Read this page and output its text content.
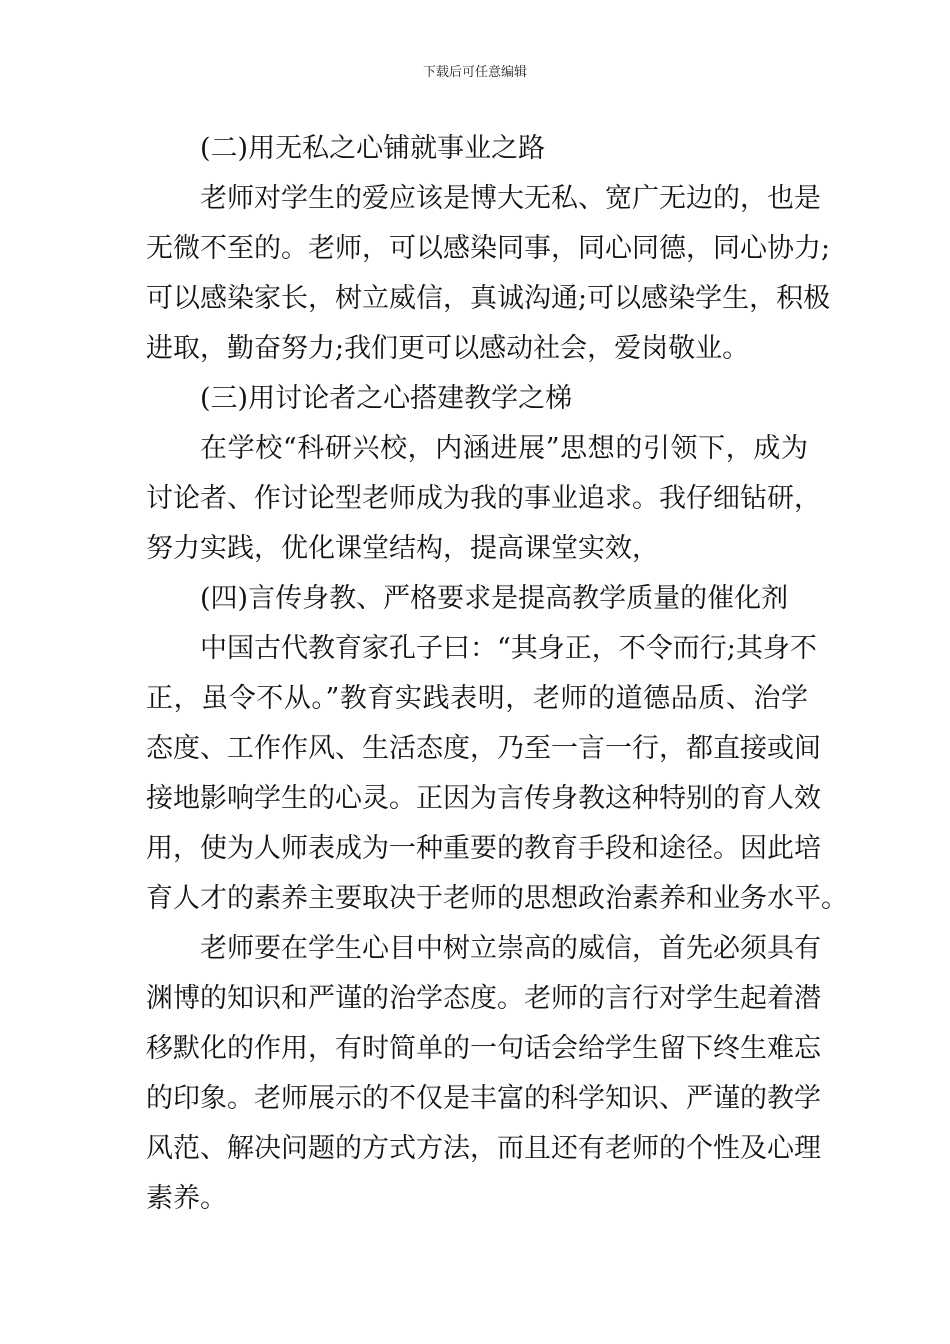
下载后可任意编辑
(二)用无私之心铺就事业之路
老师对学生的爱应该是博大无私、宽广无边的，也是
无微不至的。老师，可以感染同事，同心同德，同心协力;
可以感染家长，树立威信，真诚沟通;可以感染学生，积极
进取，勤奋努力;我们更可以感动社会，爱岗敬业。
(三)用讨论者之心搭建教学之梯
在学校“科研兴校，内涵进展”思想的引领下，成为
讨论者、作讨论型老师成为我的事业追求。我仔细钻研，
努力实践，优化课堂结构，提高课堂实效，
(四)言传身教、严格要求是提高教学质量的催化剂
中国古代教育家孔子曰：“其身正，不令而行;其身不
正，虽令不从。”教育实践表明，老师的道德品质、治学
态度、工作作风、生活态度，乃至一言一行，都直接或间
接地影响学生的心灵。正因为言传身教这种特别的育人效
用，使为人师表成为一种重要的教育手段和途径。因此培
育人才的素养主要取决于老师的思想政治素养和业务水平。
老师要在学生心目中树立崇高的威信，首先必须具有
渊博的知识和严谨的治学态度。老师的言行对学生起着潜
移默化的作用，有时简单的一句话会给学生留下终生难忘
的印象。老师展示的不仅是丰富的科学知识、严谨的教学
风范、解决问题的方式方法，而且还有老师的个性及心理
素养。
